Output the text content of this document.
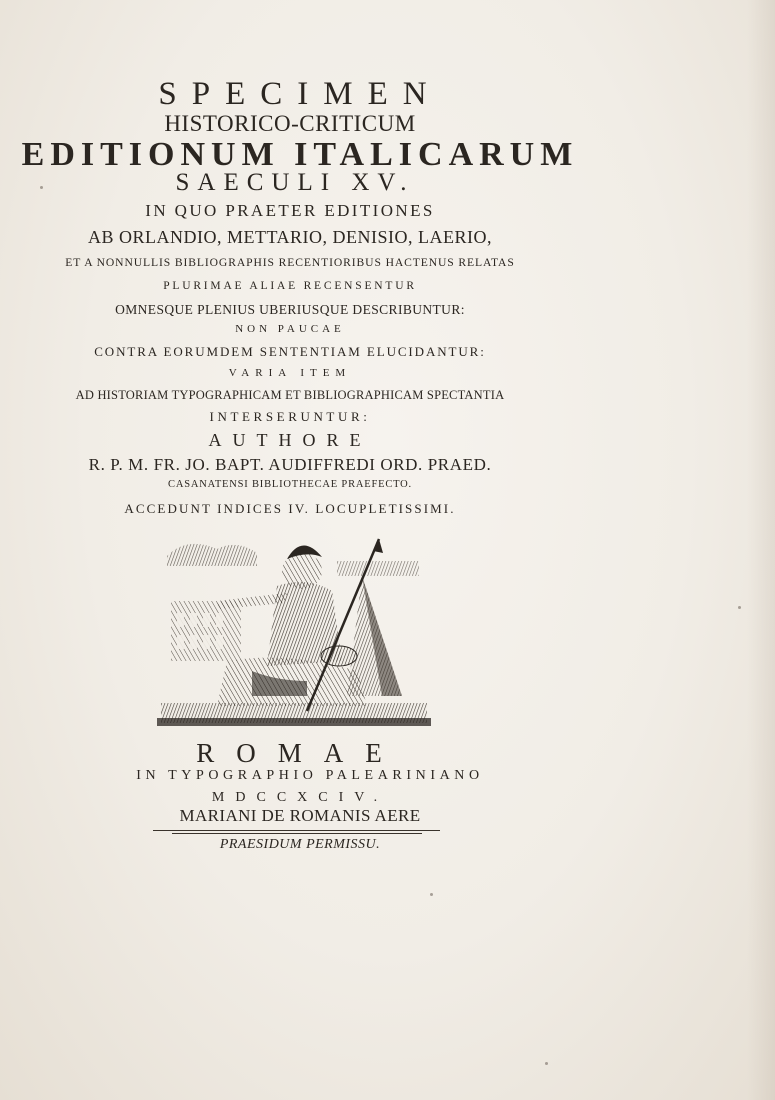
SPECIMEN
HISTORICO-CRITICUM
EDITIONUM ITALICARUM
SAECULI XV.
IN QUO PRAETER EDITIONES
AB ORLANDIO, METTARIO, DENISIO, LAERIO,
ET A NONNULLIS BIBLIOGRAPHIS RECENTIORIBUS HACTENUS RELATAS
PLURIMAE ALIAE RECENSENTUR
OMNESQUE PLENIUS UBERIUSQUE DESCRIBUNTUR:
NON PAUCAE
CONTRA EORUMDEM SENTENTIAM ELUCIDANTUR:
VARIA ITEM
AD HISTORIAM TYPOGRAPHICAM ET BIBLIOGRAPHICAM SPECTANTIA
INTERSERUNTUR:
AUTHORE
R. P. M. FR. JO. BAPT. AUDIFFREDI ORD. PRAED.
CASANATENSI BIBLIOTHECAE PRAEFECTO.
ACCEDUNT INDICES IV. LOCUPLETISSIMI.
ROMAE
IN TYPOGRAPHIO PALEARINIANO
MDCCXCIV.
MARIANI DE ROMANIS AERE
PRAESIDUM PERMISSU.
